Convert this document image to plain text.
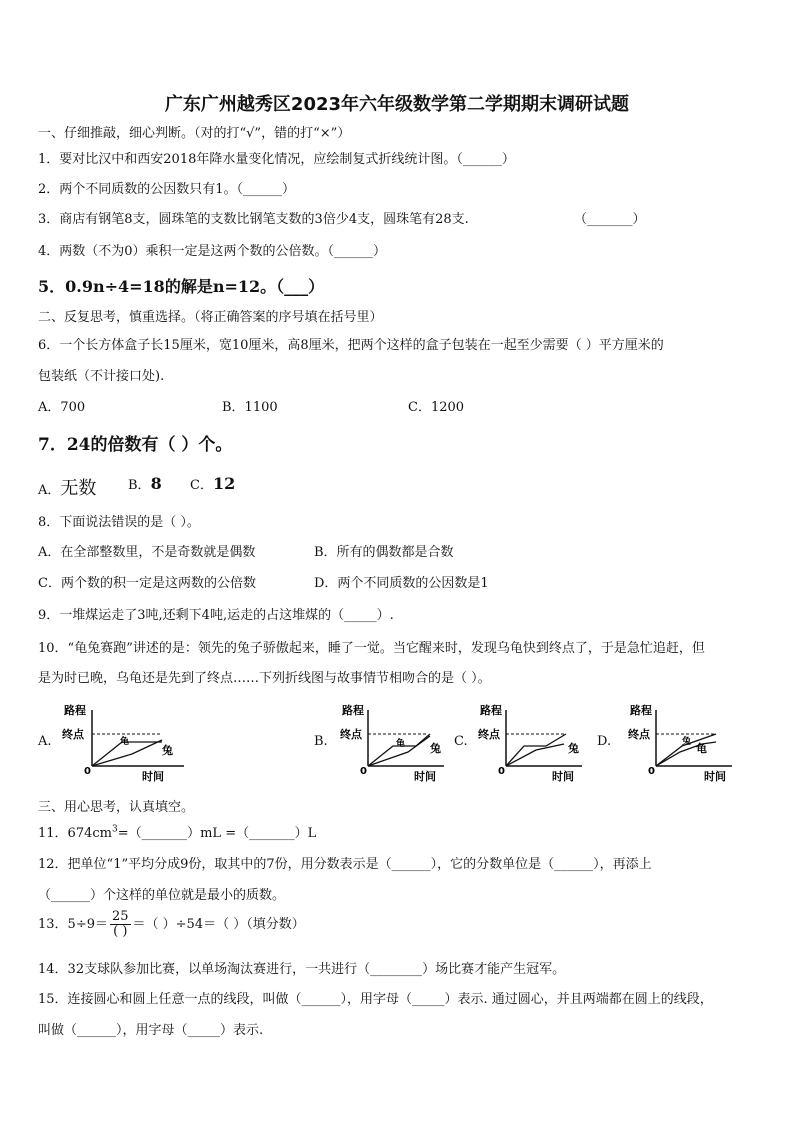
广东广州越秀区2023年六年级数学第二学期期末调研试题
一、仔细推敲，细心判断。（对的打“√”，错的打“×”）
1．要对比汉中和西安2018年降水量变化情况，应绘制复式折线统计图。（______）
2．两个不同质数的公因数只有1。（______）
3．商店有钢笔8支，圆珠笔的支数比钢笔支数的3倍少4支，圆珠笔有28支.	（_______）
4．两数（不为0）乘积一定是这两个数的公倍数。（______）
5．0.9n÷4=18的解是n=12。（___）
二、反复思考，慎重选择。（将正确答案的序号填在括号里）
6．一个长方体盒子长15厘米，宽10厘米，高8厘米，把两个这样的盒子包装在一起至少需要（ ）平方厘米的
包装纸（不计接口处).
A．700	B．1100	C．1200
7．24的倍数有（ ）个。
A．无数 B．8 C．12
8．下面说法错误的是（ ）。
A．在全部整数里，不是奇数就是偶数	B．所有的偶数都是合数
C．两个数的积一定是这两数的公倍数	D．两个不同质数的公因数是1
9．一堆煤运走了3吨,还剩下4吨,运走的占这堆煤的（_____）.
10．“龟兔赛跑”讲述的是：领先的兔子骄傲起来，睡了一觉。当它醒来时，发现乌龟快到终点了，于是急忙追赶，但
是为时已晚，乌龟还是先到了终点……下列折线图与故事情节相吻合的是（ ）。
A.	B.	C.	D.
路程
终点
0	时间
龟
兔
路程
终点
0	时间
龟 兔
路程
终点
0	时间
兔
路程
终点
0	时间
兔 龟
三、用心思考，认真填空。
11．$674cm^3=(\_\_\_\_\_\_\_)mL$ =（_______）L
12．把单位“1”平均分成9份，取其中的7份，用分数表示是（______），它的分数单位是（______），再添上
（______）个这样的单位就是最小的质数。
13．$5\div 9= \frac{25}{( )}$ ＝（ ）÷54＝（ ）（填分数）
14．32支球队参加比赛，以单场淘汰赛进行，一共进行（________）场比赛才能产生冠军。
15．连接圆心和圆上任意一点的线段，叫做（______），用字母（_____）表示. 通过圆心，并且两端都在圆上的线段，
叫做（______），用字母（_____）表示.
